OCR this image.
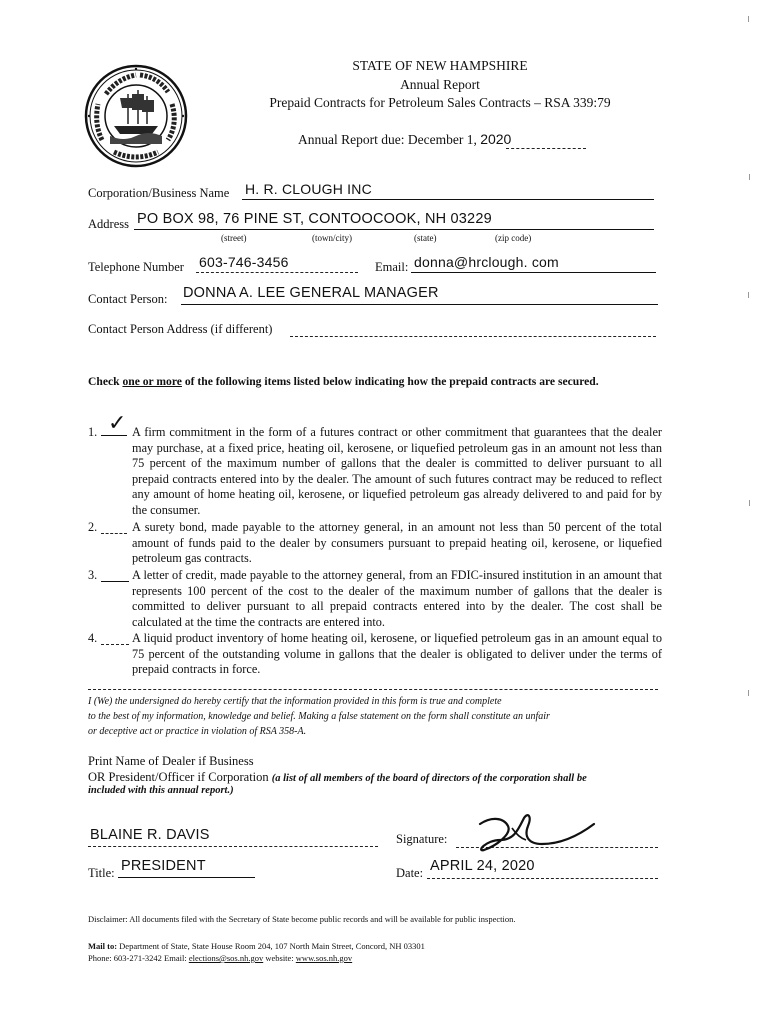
STATE OF NEW HAMPSHIRE
Annual Report
Prepaid Contracts for Petroleum Sales Contracts – RSA 339:79
Annual Report due: December 1, 2020
Corporation/Business Name H. R. CLOUGH INC
Address PO BOX 98, 76 PINE ST, CONTOOCOOK, NH 03229
(street)	(town/city)	(state)	(zip code)
Telephone Number 603-746-3456	Email: donna@hrclough. com
Contact Person: DONNA A. LEE GENERAL MANAGER
Contact Person Address (if different)
Check one or more of the following items listed below indicating how the prepaid contracts are secured.
1. ✓ A firm commitment in the form of a futures contract or other commitment that guarantees that the dealer may purchase, at a fixed price, heating oil, kerosene, or liquefied petroleum gas in an amount not less than 75 percent of the maximum number of gallons that the dealer is committed to deliver pursuant to all prepaid contracts entered into by the dealer. The amount of such futures contract may be reduced to reflect any amount of home heating oil, kerosene, or liquefied petroleum gas already delivered to and paid for by the consumer.
2.	A surety bond, made payable to the attorney general, in an amount not less than 50 percent of the total amount of funds paid to the dealer by consumers pursuant to prepaid heating oil, kerosene, or liquefied petroleum gas contracts.
3.	A letter of credit, made payable to the attorney general, from an FDIC-insured institution in an amount that represents 100 percent of the cost to the dealer of the maximum number of gallons that the dealer is committed to deliver pursuant to all prepaid contracts entered into by the dealer. The cost shall be calculated at the time the contracts are entered into.
4.	A liquid product inventory of home heating oil, kerosene, or liquefied petroleum gas in an amount equal to 75 percent of the outstanding volume in gallons that the dealer is obligated to deliver under the terms of prepaid contracts in force.
I (We) the undersigned do hereby certify that the information provided in this form is true and complete
to the best of my information, knowledge and belief. Making a false statement on the form shall constitute an unfair
or deceptive act or practice in violation of RSA 358-A.
Print Name of Dealer if Business
OR President/Officer if Corporation (a list of all members of the board of directors of the corporation shall be
included with this annual report.)
BLAINE R. DAVIS	Signature:
Title: PRESIDENT	Date: APRIL 24, 2020
Disclaimer: All documents filed with the Secretary of State become public records and will be available for public inspection.
Mail to: Department of State, State House Room 204, 107 North Main Street, Concord, NH 03301
Phone: 603-271-3242 Email: elections@sos.nh.gov website: www.sos.nh.gov
